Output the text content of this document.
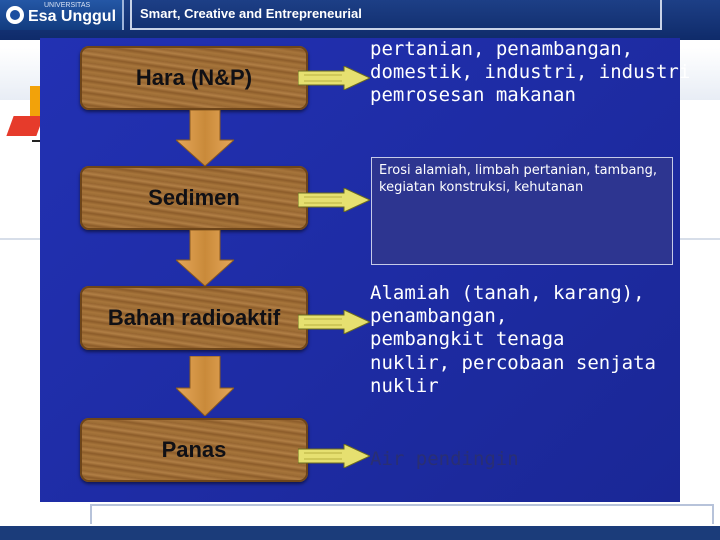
UNIVERSITAS
Esa Unggul Smart, Creative and Entrepreneurial
Hara (N&P)
Sedimen
Bahan radioaktif
Panas
pertanian, penambangan,
domestik, industri, industri
pemrosesan makanan
Erosi alamiah, limbah pertanian, tambang, kegiatan konstruksi, kehutanan
Alamiah (tanah, karang),
penambangan,
pembangkit tenaga
nuklir, percobaan senjata
nuklir
Air pendingin
